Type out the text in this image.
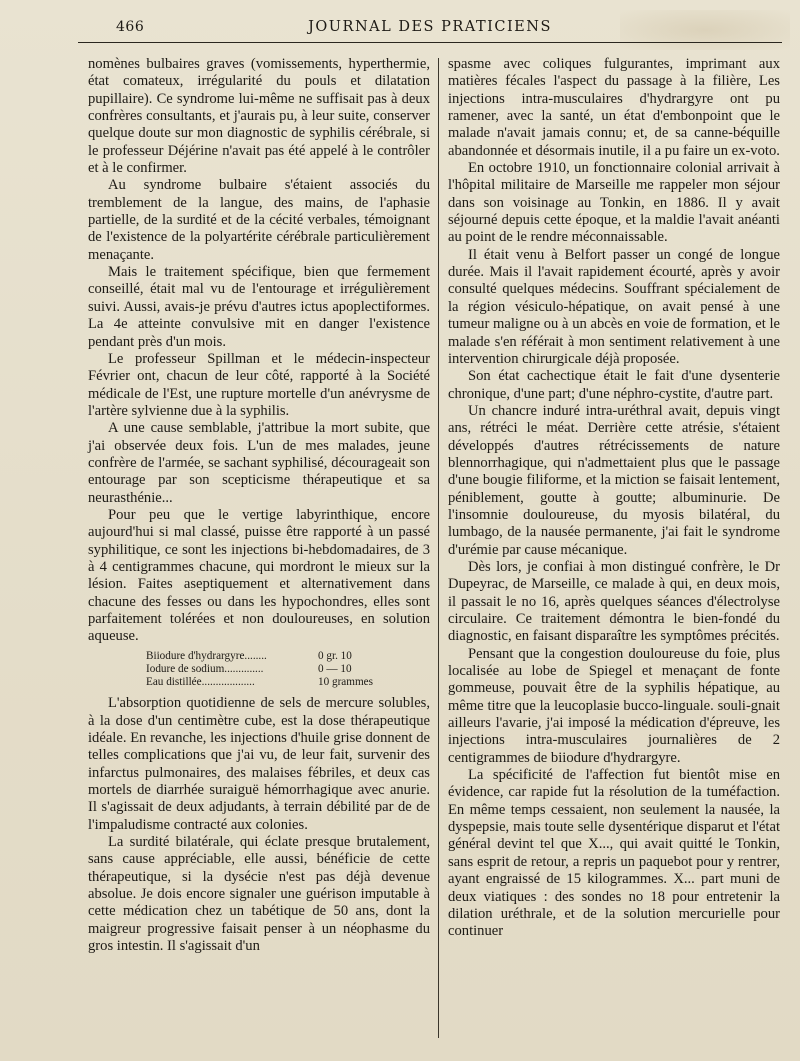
466	JOURNAL DES PRATICIENS

nomènes bulbaires graves (vomissements, hyperthermie, état comateux, irrégularité du pouls et dilatation pupillaire). Ce syndrome lui-même ne suffisait pas à deux confrères consultants, et j'aurais pu, à leur suite, conserver quelque doute sur mon diagnostic de syphilis cérébrale, si le professeur Déjérine n'avait pas été appelé à le contrôler et à le confirmer.

Au syndrome bulbaire s'étaient associés du tremblement de la langue, des mains, de l'aphasie partielle, de la surdité et de la cécité verbales, témoignant de l'existence de la polyartérite cérébrale particulièrement menaçante.

Mais le traitement spécifique, bien que fermement conseillé, était mal vu de l'entourage et irrégulièrement suivi. Aussi, avais-je prévu d'autres ictus apoplectiformes. La 4e atteinte convulsive mit en danger l'existence pendant près d'un mois.

Le professeur Spillman et le médecin-inspecteur Février ont, chacun de leur côté, rapporté à la Société médicale de l'Est, une rupture mortelle d'un anévrysme de l'artère sylvienne due à la syphilis.

A une cause semblable, j'attribue la mort subite, que j'ai observée deux fois. L'un de mes malades, jeune confrère de l'armée, se sachant syphilisé, décourageait son entourage par son scepticisme thérapeutique et sa neurasthénie...

Pour peu que le vertige labyrinthique, encore aujourd'hui si mal classé, puisse être rapporté à un passé syphilitique, ce sont les injections bi-hebdomadaires, de 3 à 4 centigrammes chacune, qui mordront le mieux sur la lésion. Faites aseptiquement et alternativement dans chacune des fesses ou dans les hypochondres, elles sont parfaitement tolérées et non douloureuses, en solution aqueuse.

Biiodure d'hydrargyre........	0 gr. 10
Iodure de sodium..............	0 — 10
Eau distillée...................	10 grammes

L'absorption quotidienne de sels de mercure solubles, à la dose d'un centimètre cube, est la dose thérapeutique idéale. En revanche, les injections d'huile grise donnent de telles complications que j'ai vu, de leur fait, survenir des infarctus pulmonaires, des malaises fébriles, et deux cas mortels de diarrhée suraiguë hémorrhagique avec anurie. Il s'agissait de deux adjudants, à terrain débilité par de de l'impaludisme contracté aux colonies.

La surdité bilatérale, qui éclate presque brutalement, sans cause appréciable, elle aussi, bénéficie de cette thérapeutique, si la dysécie n'est pas déjà devenue absolue. Je dois encore signaler une guérison imputable à cette médication chez un tabétique de 50 ans, dont la maigreur progressive faisait penser à un néophasme du gros intestin. Il s'agissait d'un

spasme avec coliques fulgurantes, imprimant aux matières fécales l'aspect du passage à la filière, Les injections intra-musculaires d'hydrargyre ont pu ramener, avec la santé, un état d'embonpoint que le malade n'avait jamais connu; et, de sa canne-béquille abandonnée et désormais inutile, il a pu faire un ex-voto.

En octobre 1910, un fonctionnaire colonial arrivait à l'hôpital militaire de Marseille me rappeler mon séjour dans son voisinage au Tonkin, en 1886. Il y avait séjourné depuis cette époque, et la maldie l'avait anéanti au point de le rendre méconnaissable.

Il était venu à Belfort passer un congé de longue durée. Mais il l'avait rapidement écourté, après y avoir consulté quelques médecins. Souffrant spécialement de la région vésiculo-hépatique, on avait pensé à une tumeur maligne ou à un abcès en voie de formation, et le malade s'en référait à mon sentiment relativement à une intervention chirurgicale déjà proposée.

Son état cachectique était le fait d'une dysenterie chronique, d'une part; d'une néphro-cystite, d'autre part.

Un chancre induré intra-uréthral avait, depuis vingt ans, rétréci le méat. Derrière cette atrésie, s'étaient développés d'autres rétrécissements de nature blennorrhagique, qui n'admettaient plus que le passage d'une bougie filiforme, et la miction se faisait lentement, péniblement, goutte à goutte; albuminurie. De l'insomnie douloureuse, du myosis bilatéral, du lumbago, de la nausée permanente, j'ai fait le syndrome d'urémie par cause mécanique.

Dès lors, je confiai à mon distingué confrère, le Dr Dupeyrac, de Marseille, ce malade à qui, en deux mois, il passait le no 16, après quelques séances d'électrolyse circulaire. Ce traitement démontra le bien-fondé du diagnostic, en faisant disparaître les symptômes précités.

Pensant que la congestion douloureuse du foie, plus localisée au lobe de Spiegel et menaçant de fonte gommeuse, pouvait être de la syphilis hépatique, au même titre que la leucoplasie bucco-linguale. souli-gnait ailleurs l'avarie, j'ai imposé la médication d'épreuve, les injections intra-musculaires journalières de 2 centigrammes de biiodure d'hydrargyre.

La spécificité de l'affection fut bientôt mise en évidence, car rapide fut la résolution de la tuméfaction. En même temps cessaient, non seulement la nausée, la dyspepsie, mais toute selle dysentérique disparut et l'état général devint tel que X..., qui avait quitté le Tonkin, sans esprit de retour, a repris un paquebot pour y rentrer, ayant engraissé de 15 kilogrammes. X... part muni de deux viatiques : des sondes no 18 pour entretenir la dilation uréthrale, et de la solution mercurielle pour continuer
